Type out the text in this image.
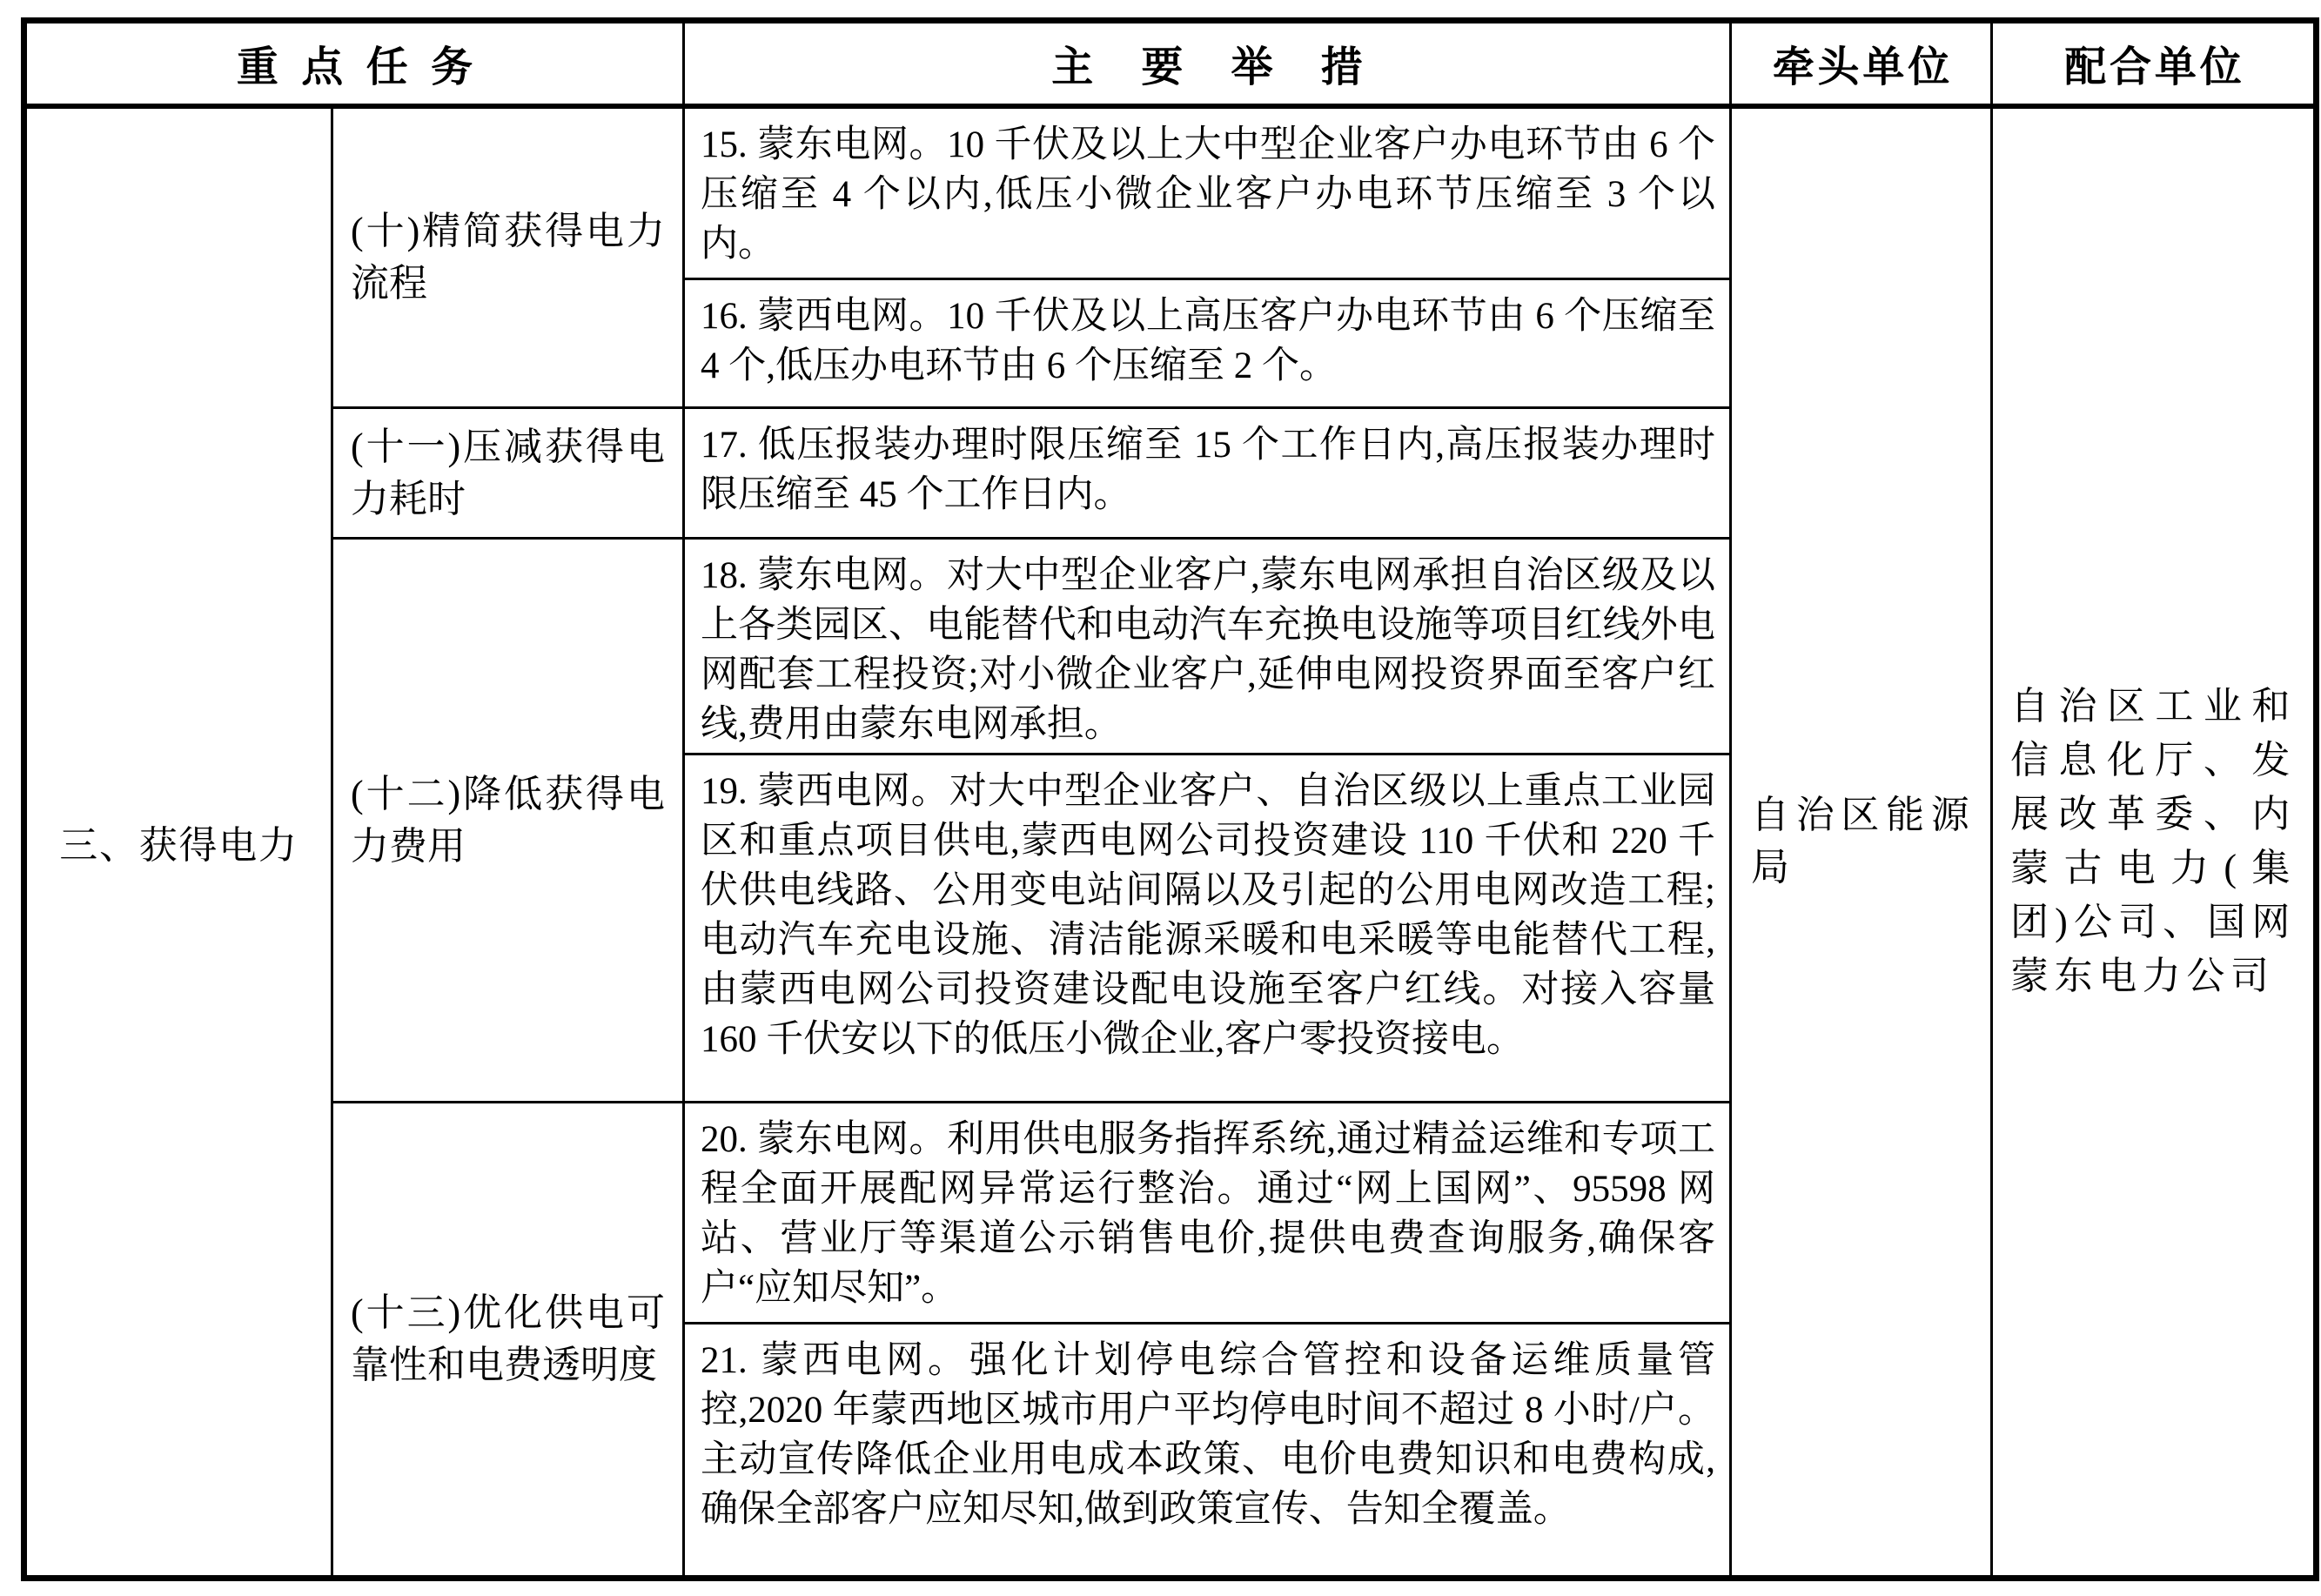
重点任务		主要举措	牵头单位	配合单位
三、获得电力	(十)精简获得电力流程	15. 蒙东电网。10 千伏及以上大中型企业客户办电环节由 6 个压缩至 4 个以内,低压小微企业客户办电环节压缩至 3 个以内。	自治区能源局	自治区工业和信息化厅、发展改革委、内蒙古电力(集团)公司、国网蒙东电力公司
		16. 蒙西电网。10 千伏及以上高压客户办电环节由 6 个压缩至 4 个,低压办电环节由 6 个压缩至 2 个。		
	(十一)压减获得电力耗时	17. 低压报装办理时限压缩至 15 个工作日内,高压报装办理时限压缩至 45 个工作日内。		
	(十二)降低获得电力费用	18. 蒙东电网。对大中型企业客户,蒙东电网承担自治区级及以上各类园区、电能替代和电动汽车充换电设施等项目红线外电网配套工程投资;对小微企业客户,延伸电网投资界面至客户红线,费用由蒙东电网承担。		
		19. 蒙西电网。对大中型企业客户、自治区级以上重点工业园区和重点项目供电,蒙西电网公司投资建设 110 千伏和 220 千伏供电线路、公用变电站间隔以及引起的公用电网改造工程;电动汽车充电设施、清洁能源采暖和电采暖等电能替代工程,由蒙西电网公司投资建设配电设施至客户红线。对接入容量 160 千伏安以下的低压小微企业,客户零投资接电。		
	(十三)优化供电可靠性和电费透明度	20. 蒙东电网。利用供电服务指挥系统,通过精益运维和专项工程全面开展配网异常运行整治。通过“网上国网”、95598 网站、营业厅等渠道公示销售电价,提供电费查询服务,确保客户“应知尽知”。		
		21. 蒙西电网。强化计划停电综合管控和设备运维质量管控,2020 年蒙西地区城市用户平均停电时间不超过 8 小时/户。主动宣传降低企业用电成本政策、电价电费知识和电费构成,确保全部客户应知尽知,做到政策宣传、告知全覆盖。		
